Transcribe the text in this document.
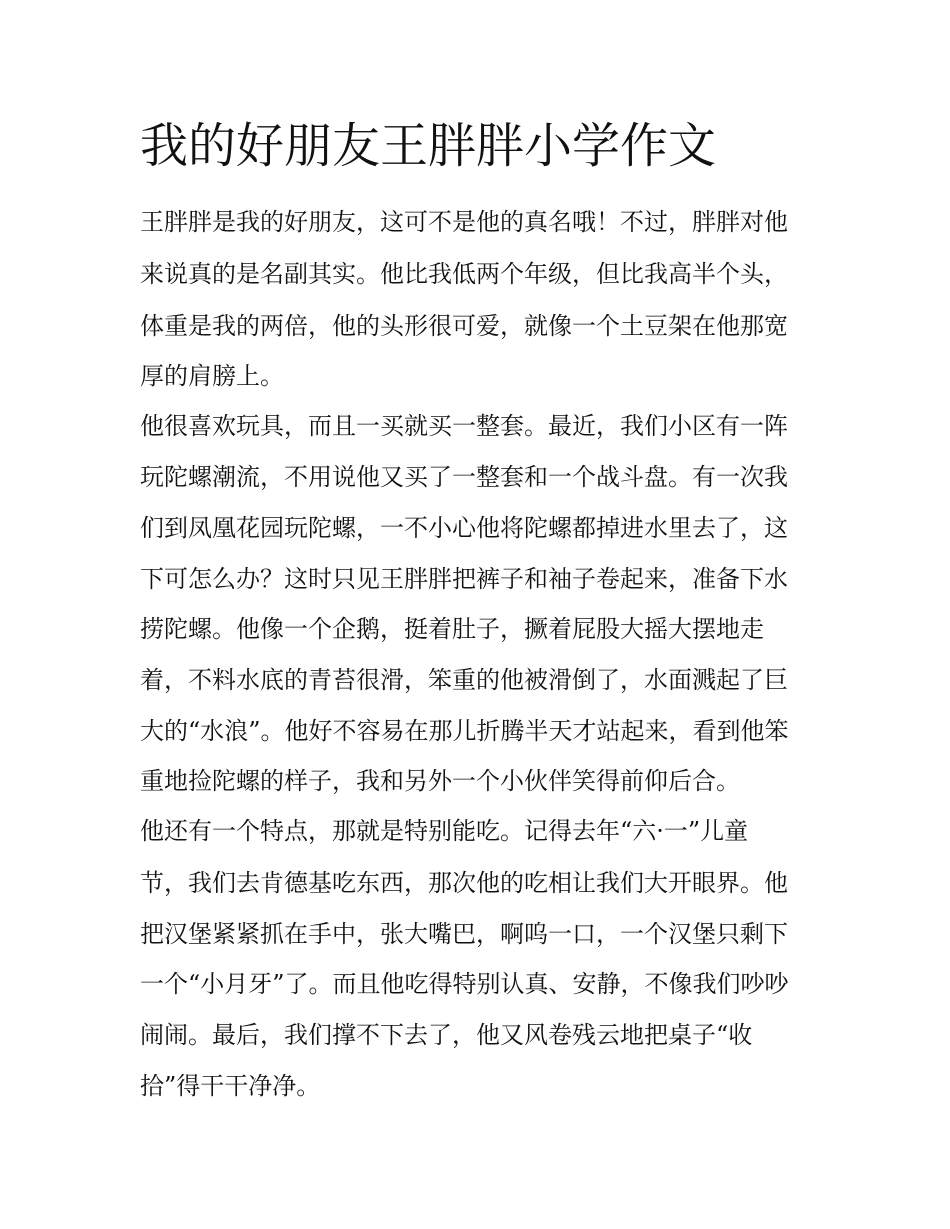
我的好朋友王胖胖小学作文

王胖胖是我的好朋友，这可不是他的真名哦！不过，胖胖对他

来说真的是名副其实。他比我低两个年级，但比我高半个头，

体重是我的两倍，他的头形很可爱，就像一个土豆架在他那宽

厚的肩膀上。

他很喜欢玩具，而且一买就买一整套。最近，我们小区有一阵

玩陀螺潮流，不用说他又买了一整套和一个战斗盘。有一次我

们到凤凰花园玩陀螺，一不小心他将陀螺都掉进水里去了，这

下可怎么办？这时只见王胖胖把裤子和袖子卷起来，准备下水

捞陀螺。他像一个企鹅，挺着肚子，撅着屁股大摇大摆地走

着，不料水底的青苔很滑，笨重的他被滑倒了，水面溅起了巨

大的“水浪”。他好不容易在那儿折腾半天才站起来，看到他笨

重地捡陀螺的样子，我和另外一个小伙伴笑得前仰后合。

他还有一个特点，那就是特别能吃。记得去年“六·一”儿童

节，我们去肯德基吃东西，那次他的吃相让我们大开眼界。他

把汉堡紧紧抓在手中，张大嘴巴，啊呜一口，一个汉堡只剩下

一个“小月牙”了。而且他吃得特别认真、安静，不像我们吵吵

闹闹。最后，我们撑不下去了，他又风卷残云地把桌子“收

拾”得干干净净。
